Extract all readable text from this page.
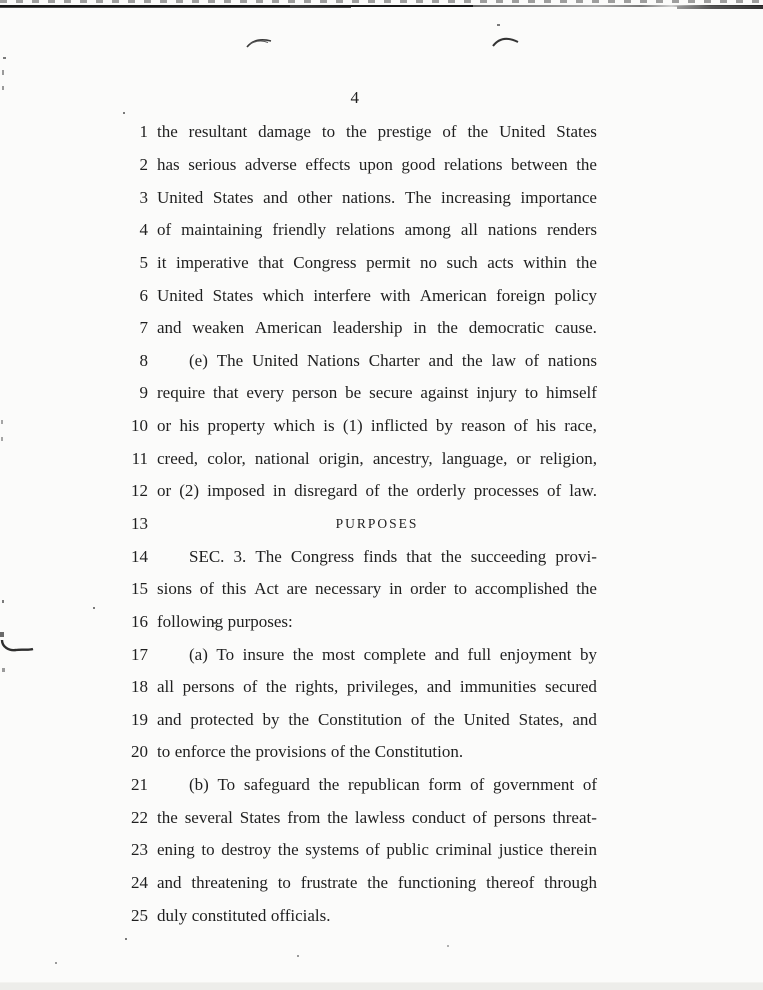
4
1 the resultant damage to the prestige of the United States
2 has serious adverse effects upon good relations between the
3 United States and other nations. The increasing importance
4 of maintaining friendly relations among all nations renders
5 it imperative that Congress permit no such acts within the
6 United States which interfere with American foreign policy
7 and weaken American leadership in the democratic cause.
8 (e) The United Nations Charter and the law of nations
9 require that every person be secure against injury to himself
10 or his property which is (1) inflicted by reason of his race,
11 creed, color, national origin, ancestry, language, or religion,
12 or (2) imposed in disregard of the orderly processes of law.
13	PURPOSES
14 SEC. 3. The Congress finds that the succeeding provi-
15 sions of this Act are necessary in order to accomplished the
16 following purposes:
17 (a) To insure the most complete and full enjoyment by
18 all persons of the rights, privileges, and immunities secured
19 and protected by the Constitution of the United States, and
20 to enforce the provisions of the Constitution.
21 (b) To safeguard the republican form of government of
22 the several States from the lawless conduct of persons threat-
23 ening to destroy the systems of public criminal justice therein
24 and threatening to frustrate the functioning thereof through
25 duly constituted officials.
